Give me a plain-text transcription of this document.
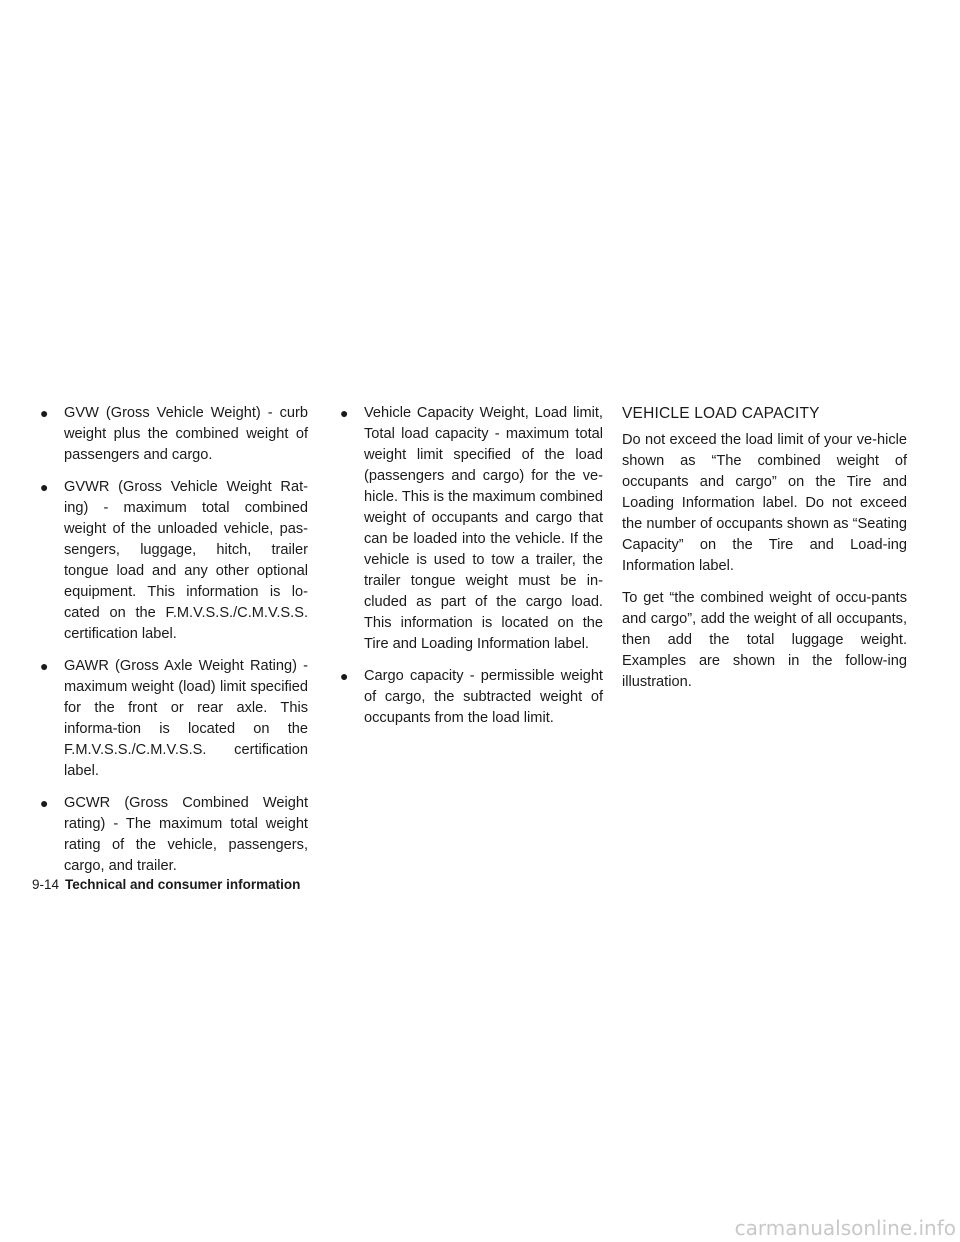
● GVW (Gross Vehicle Weight) - curb weight plus the combined weight of passengers and cargo.
● GVWR (Gross Vehicle Weight Rat-ing) - maximum total combined weight of the unloaded vehicle, pas-sengers, luggage, hitch, trailer tongue load and any other optional equipment. This information is lo-cated on the F.M.V.S.S./C.M.V.S.S. certification label.
● GAWR (Gross Axle Weight Rating) - maximum weight (load) limit specified for the front or rear axle. This informa-tion is located on the F.M.V.S.S./C.M.V.S.S. certification label.
● GCWR (Gross Combined Weight rating) - The maximum total weight rating of the vehicle, passengers, cargo, and trailer.
● Vehicle Capacity Weight, Load limit, Total load capacity - maximum total weight limit specified of the load (passengers and cargo) for the ve-hicle. This is the maximum combined weight of occupants and cargo that can be loaded into the vehicle. If the vehicle is used to tow a trailer, the trailer tongue weight must be in-cluded as part of the cargo load. This information is located on the Tire and Loading Information label.
● Cargo capacity - permissible weight of cargo, the subtracted weight of occupants from the load limit.
VEHICLE LOAD CAPACITY

Do not exceed the load limit of your ve-hicle shown as “The combined weight of occupants and cargo” on the Tire and Loading Information label. Do not exceed the number of occupants shown as “Seating Capacity” on the Tire and Load-ing Information label.

To get “the combined weight of occu-pants and cargo”, add the weight of all occupants, then add the total luggage weight. Examples are shown in the follow-ing illustration.

9-14 Technical and consumer information
carmanualsonline.info
